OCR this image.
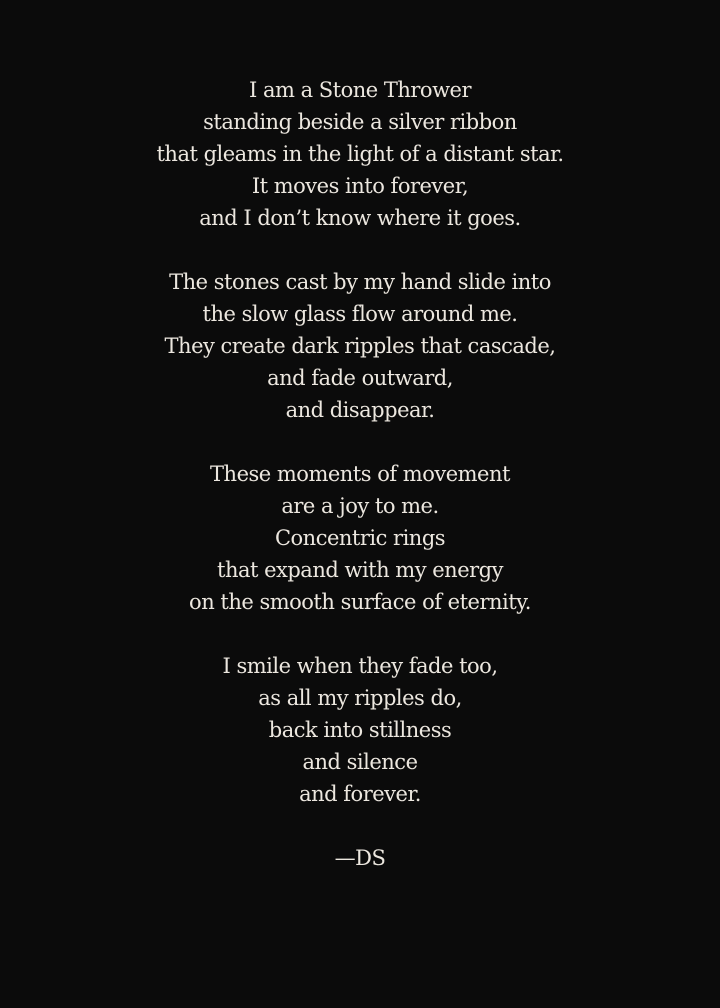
I am a Stone Thrower
standing beside a silver ribbon
that gleams in the light of a distant star.
It moves into forever,
and I don’t know where it goes.
The stones cast by my hand slide into
the slow glass flow around me.
They create dark ripples that cascade,
and fade outward,
and disappear.
These moments of movement
are a joy to me.
Concentric rings
that expand with my energy
on the smooth surface of eternity.
I smile when they fade too,
as all my ripples do,
back into stillness
and silence
and forever.
—DS
